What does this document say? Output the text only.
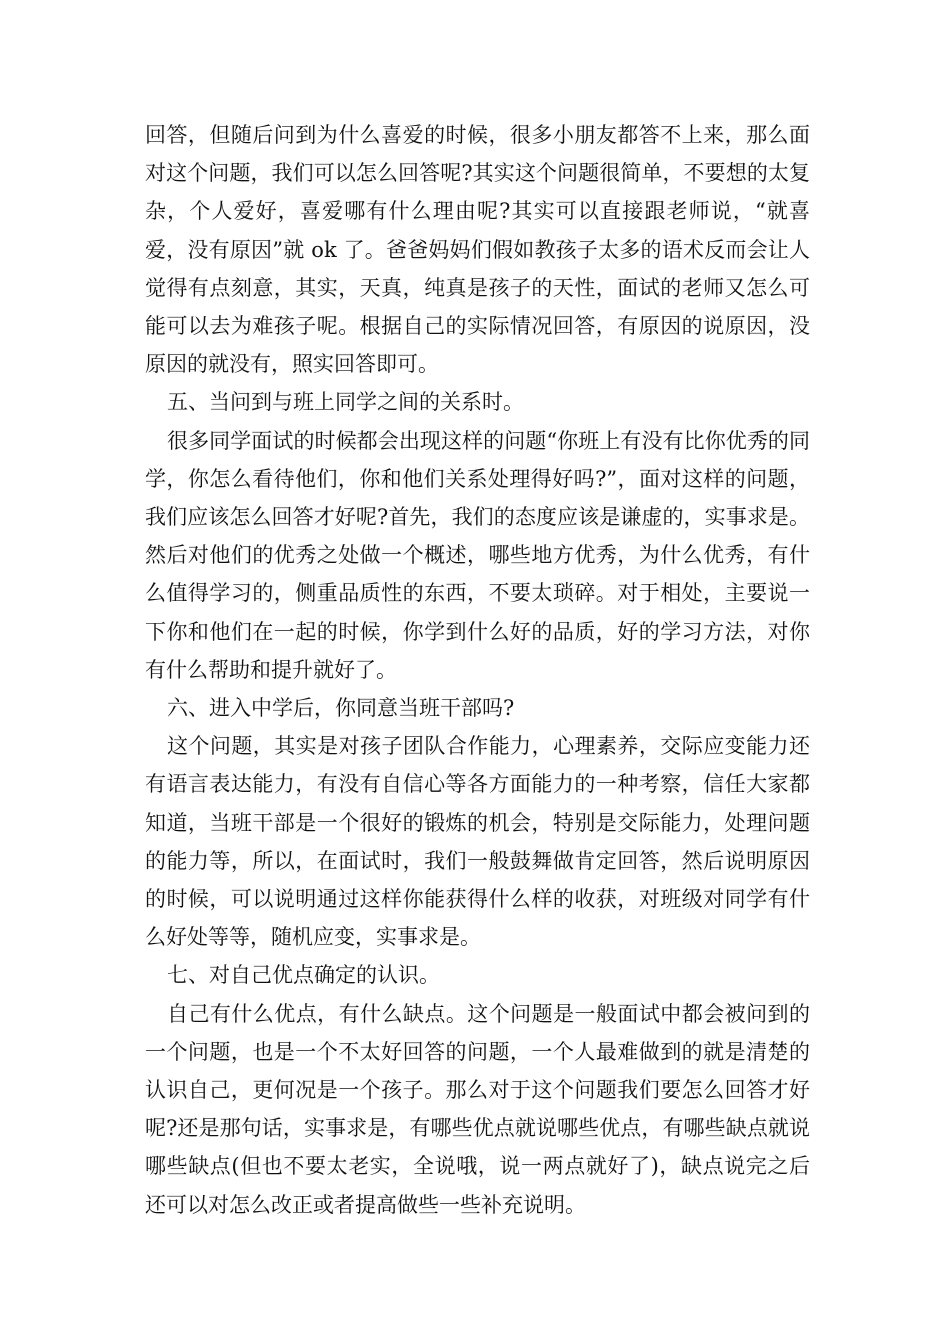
回答，但随后问到为什么喜爱的时候，很多小朋友都答不上来，那么面对这个问题，我们可以怎么回答呢?其实这个问题很简单，不要想的太复杂，个人爱好，喜爱哪有什么理由呢?其实可以直接跟老师说，“就喜爱，没有原因”就 ok 了。爸爸妈妈们假如教孩子太多的语术反而会让人觉得有点刻意，其实，天真，纯真是孩子的天性，面试的老师又怎么可能可以去为难孩子呢。根据自己的实际情况回答，有原因的说原因，没原因的就没有，照实回答即可。

五、当问到与班上同学之间的关系时。

很多同学面试的时候都会出现这样的问题“你班上有没有比你优秀的同学，你怎么看待他们，你和他们关系处理得好吗?”，面对这样的问题，我们应该怎么回答才好呢?首先，我们的态度应该是谦虚的，实事求是。然后对他们的优秀之处做一个概述，哪些地方优秀，为什么优秀，有什么值得学习的，侧重品质性的东西，不要太琐碎。对于相处，主要说一下你和他们在一起的时候，你学到什么好的品质，好的学习方法，对你有什么帮助和提升就好了。

六、进入中学后，你同意当班干部吗?

这个问题，其实是对孩子团队合作能力，心理素养，交际应变能力还有语言表达能力，有没有自信心等各方面能力的一种考察，信任大家都知道，当班干部是一个很好的锻炼的机会，特别是交际能力，处理问题的能力等，所以，在面试时，我们一般鼓舞做肯定回答，然后说明原因的时候，可以说明通过这样你能获得什么样的收获，对班级对同学有什么好处等等，随机应变，实事求是。

七、对自己优点确定的认识。

自己有什么优点，有什么缺点。这个问题是一般面试中都会被问到的一个问题，也是一个不太好回答的问题，一个人最难做到的就是清楚的认识自己，更何况是一个孩子。那么对于这个问题我们要怎么回答才好呢?还是那句话，实事求是，有哪些优点就说哪些优点，有哪些缺点就说哪些缺点(但也不要太老实，全说哦，说一两点就好了)，缺点说完之后还可以对怎么改正或者提高做些一些补充说明。
